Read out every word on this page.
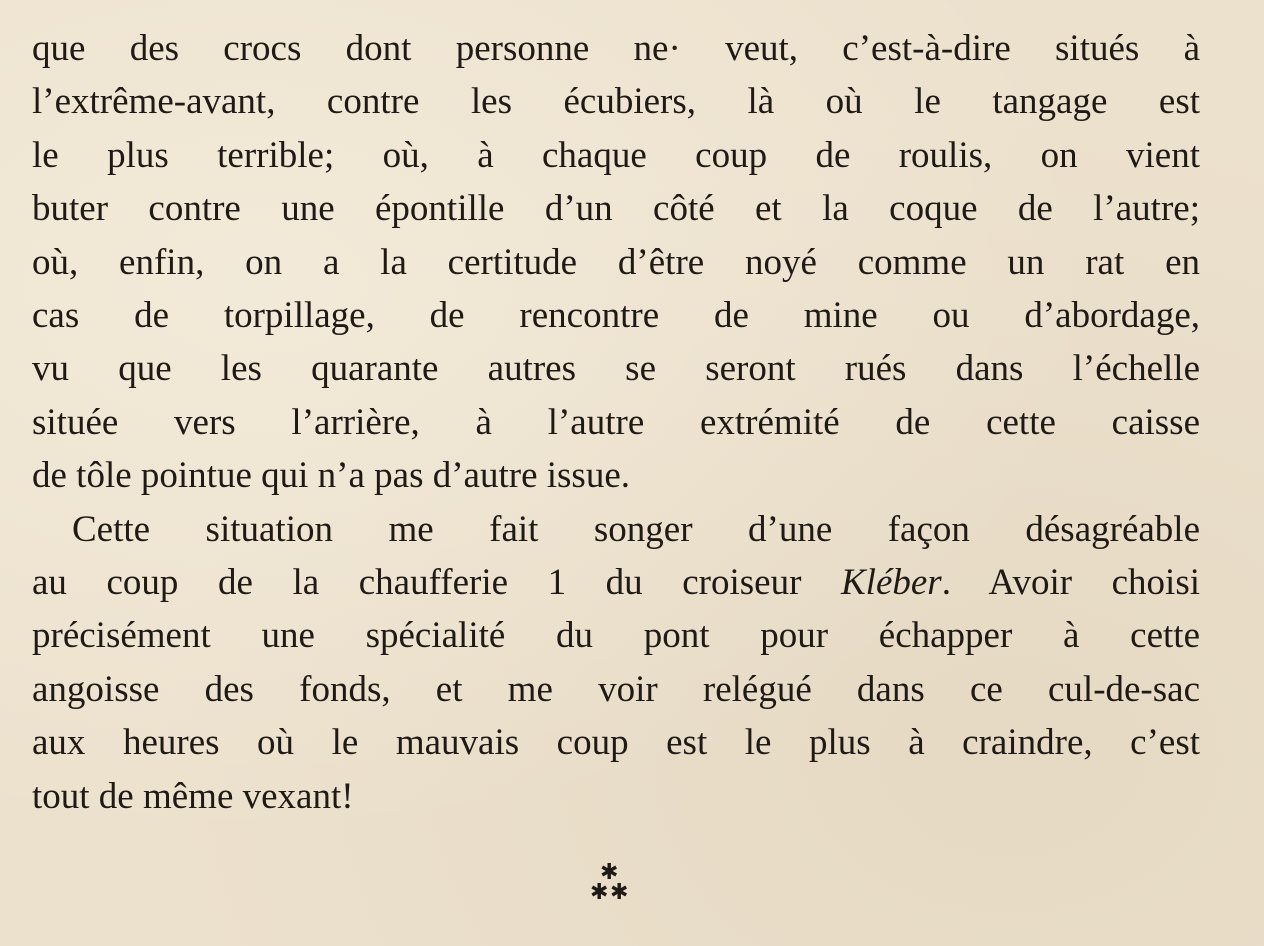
que des crocs dont personne ne· veut, c’est-à-dire situés à
l’extrême-avant, contre les écubiers, là où le tangage est
le plus terrible; où, à chaque coup de roulis, on vient
buter contre une épontille d’un côté et la coque de l’autre;
où, enfin, on a la certitude d’être noyé comme un rat en
cas de torpillage, de rencontre de mine ou d’abordage,
vu que les quarante autres se seront rués dans l’échelle
située vers l’arrière, à l’autre extrémité de cette caisse
de tôle pointue qui n’a pas d’autre issue.
Cette situation me fait songer d’une façon désagréable
au coup de la chaufferie 1 du croiseur Kléber. Avoir choisi
précisément une spécialité du pont pour échapper à cette
angoisse des fonds, et me voir relégué dans ce cul-de-sac
aux heures où le mauvais coup est le plus à craindre, c’est
tout de même vexant!
✱
✱ ✱
